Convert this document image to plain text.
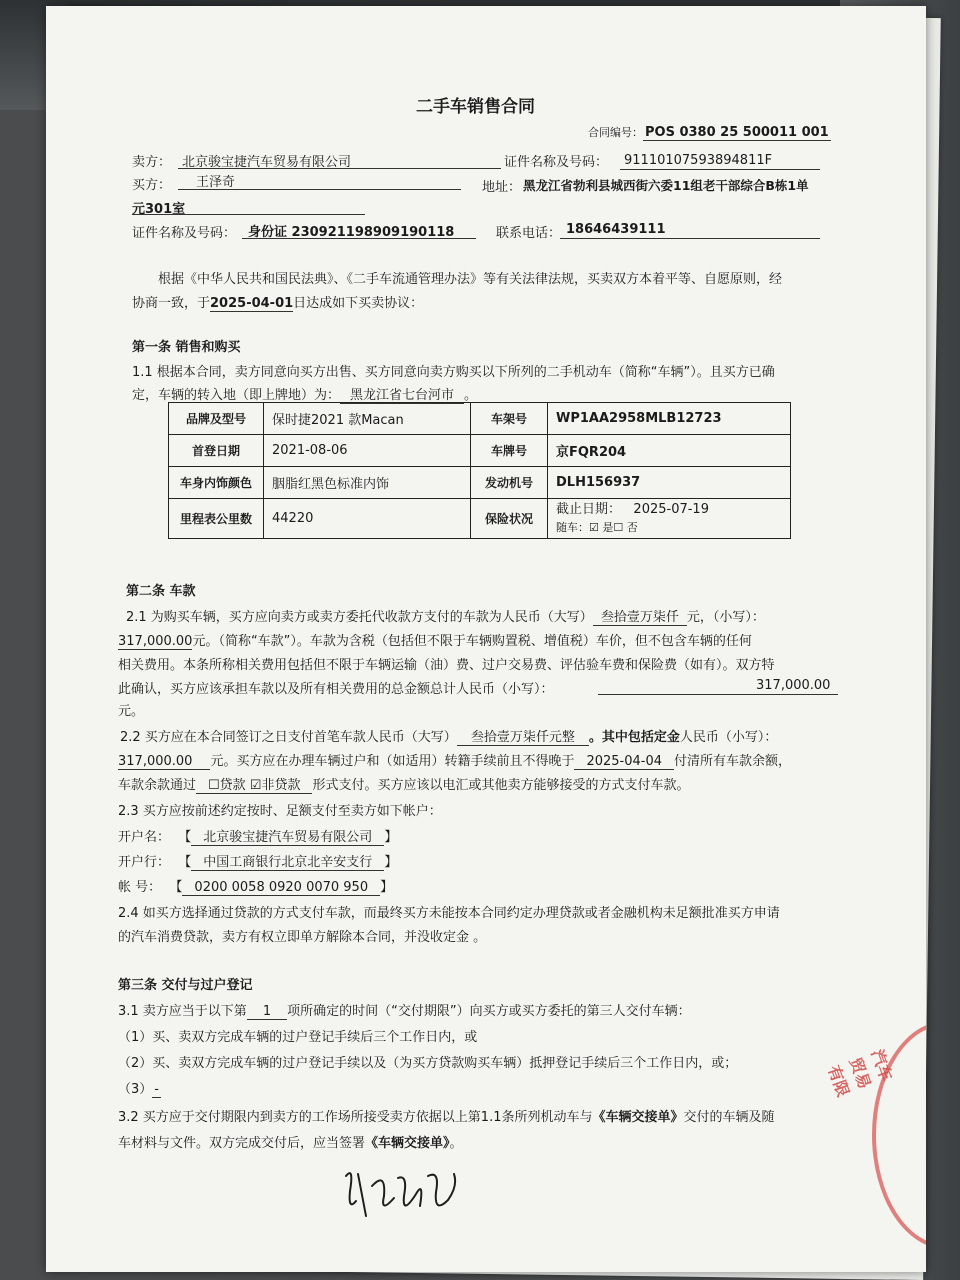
二手车销售合同
合同编号： POS 0380 25 500011 001
卖方： 北京骏宝捷汽车贸易有限公司	证件名称及号码： 91110107593894811F
买方： 王泽奇	地址： 黑龙江省勃利县城西街六委11组老干部综合B栋1单
元301室
证件名称及号码： 身份证 230921198909190118	联系电话： 18646439111
根据《中华人民共和国民法典》、《二手车流通管理办法》等有关法律法规，买卖双方本着平等、自愿原则，经
协商一致，于2025-04-01日达成如下买卖协议：
第一条 销售和购买
1.1 根据本合同，卖方同意向买方出售、买方同意向卖方购买以下所列的二手机动车（简称“车辆”）。且买方已确
定，车辆的转入地（即上牌地）为： 黑龙江省七台河市 。
品牌及型号	保时捷2021 款Macan	车架号	WP1AA2958MLB12723
首登日期	2021-08-06	车牌号	京FQR204
车身内饰颜色	胭脂红黑色标准内饰	发动机号	DLH156937
里程表公里数	44220	保险状况	截止日期： 2025-07-19
随车：☑ 是☐ 否
第二条 车款
2.1 为购买车辆，买方应向卖方或卖方委托代收款方支付的车款为人民币（大写） 叁拾壹万柒仟 元，（小写）：
317,000.00元。（简称“车款”）。车款为含税（包括但不限于车辆购置税、增值税）车价，但不包含车辆的任何
相关费用。本条所称相关费用包括但不限于车辆运输（油）费、过户交易费、评估验车费和保险费（如有）。双方特
此确认，买方应该承担车款以及所有相关费用的总金额总计人民币（小写）：	317,000.00
元。
2.2 买方应在本合同签订之日支付首笔车款人民币（大写） 叁拾壹万柒仟元整 。其中包括定金人民币（小写）：
317,000.00 元。买方应在办理车辆过户和（如适用）转籍手续前且不得晚于 2025-04-04 付清所有车款余额，
车款余款通过 ☐贷款 ☑非贷款 形式支付。买方应该以电汇或其他卖方能够接受的方式支付车款。
2.3 买方应按前述约定按时、足额支付至卖方如下帐户：
开户名： 【 北京骏宝捷汽车贸易有限公司 】
开户行： 【 中国工商银行北京北辛安支行 】
帐 号： 【 0200 0058 0920 0070 950 】
2.4 如买方选择通过贷款的方式支付车款，而最终买方未能按本合同约定办理贷款或者金融机构未足额批准买方申请
的汽车消费贷款，卖方有权立即单方解除本合同，并没收定金 。
第三条 交付与过户登记
3.1 卖方应当于以下第 1 项所确定的时间（“交付期限”）向买方或买方委托的第三人交付车辆：
（1）买、卖双方完成车辆的过户登记手续后三个工作日内，或
（2）买、卖双方完成车辆的过户登记手续以及（为买方贷款购买车辆）抵押登记手续后三个工作日内，或；
（3） -
3.2 买方应于交付期限内到卖方的工作场所接受卖方依据以上第1.1条所列机动车与《车辆交接单》交付的车辆及随
车材料与文件。双方完成交付后，应当签署《车辆交接单》。
汽车贸易有限
